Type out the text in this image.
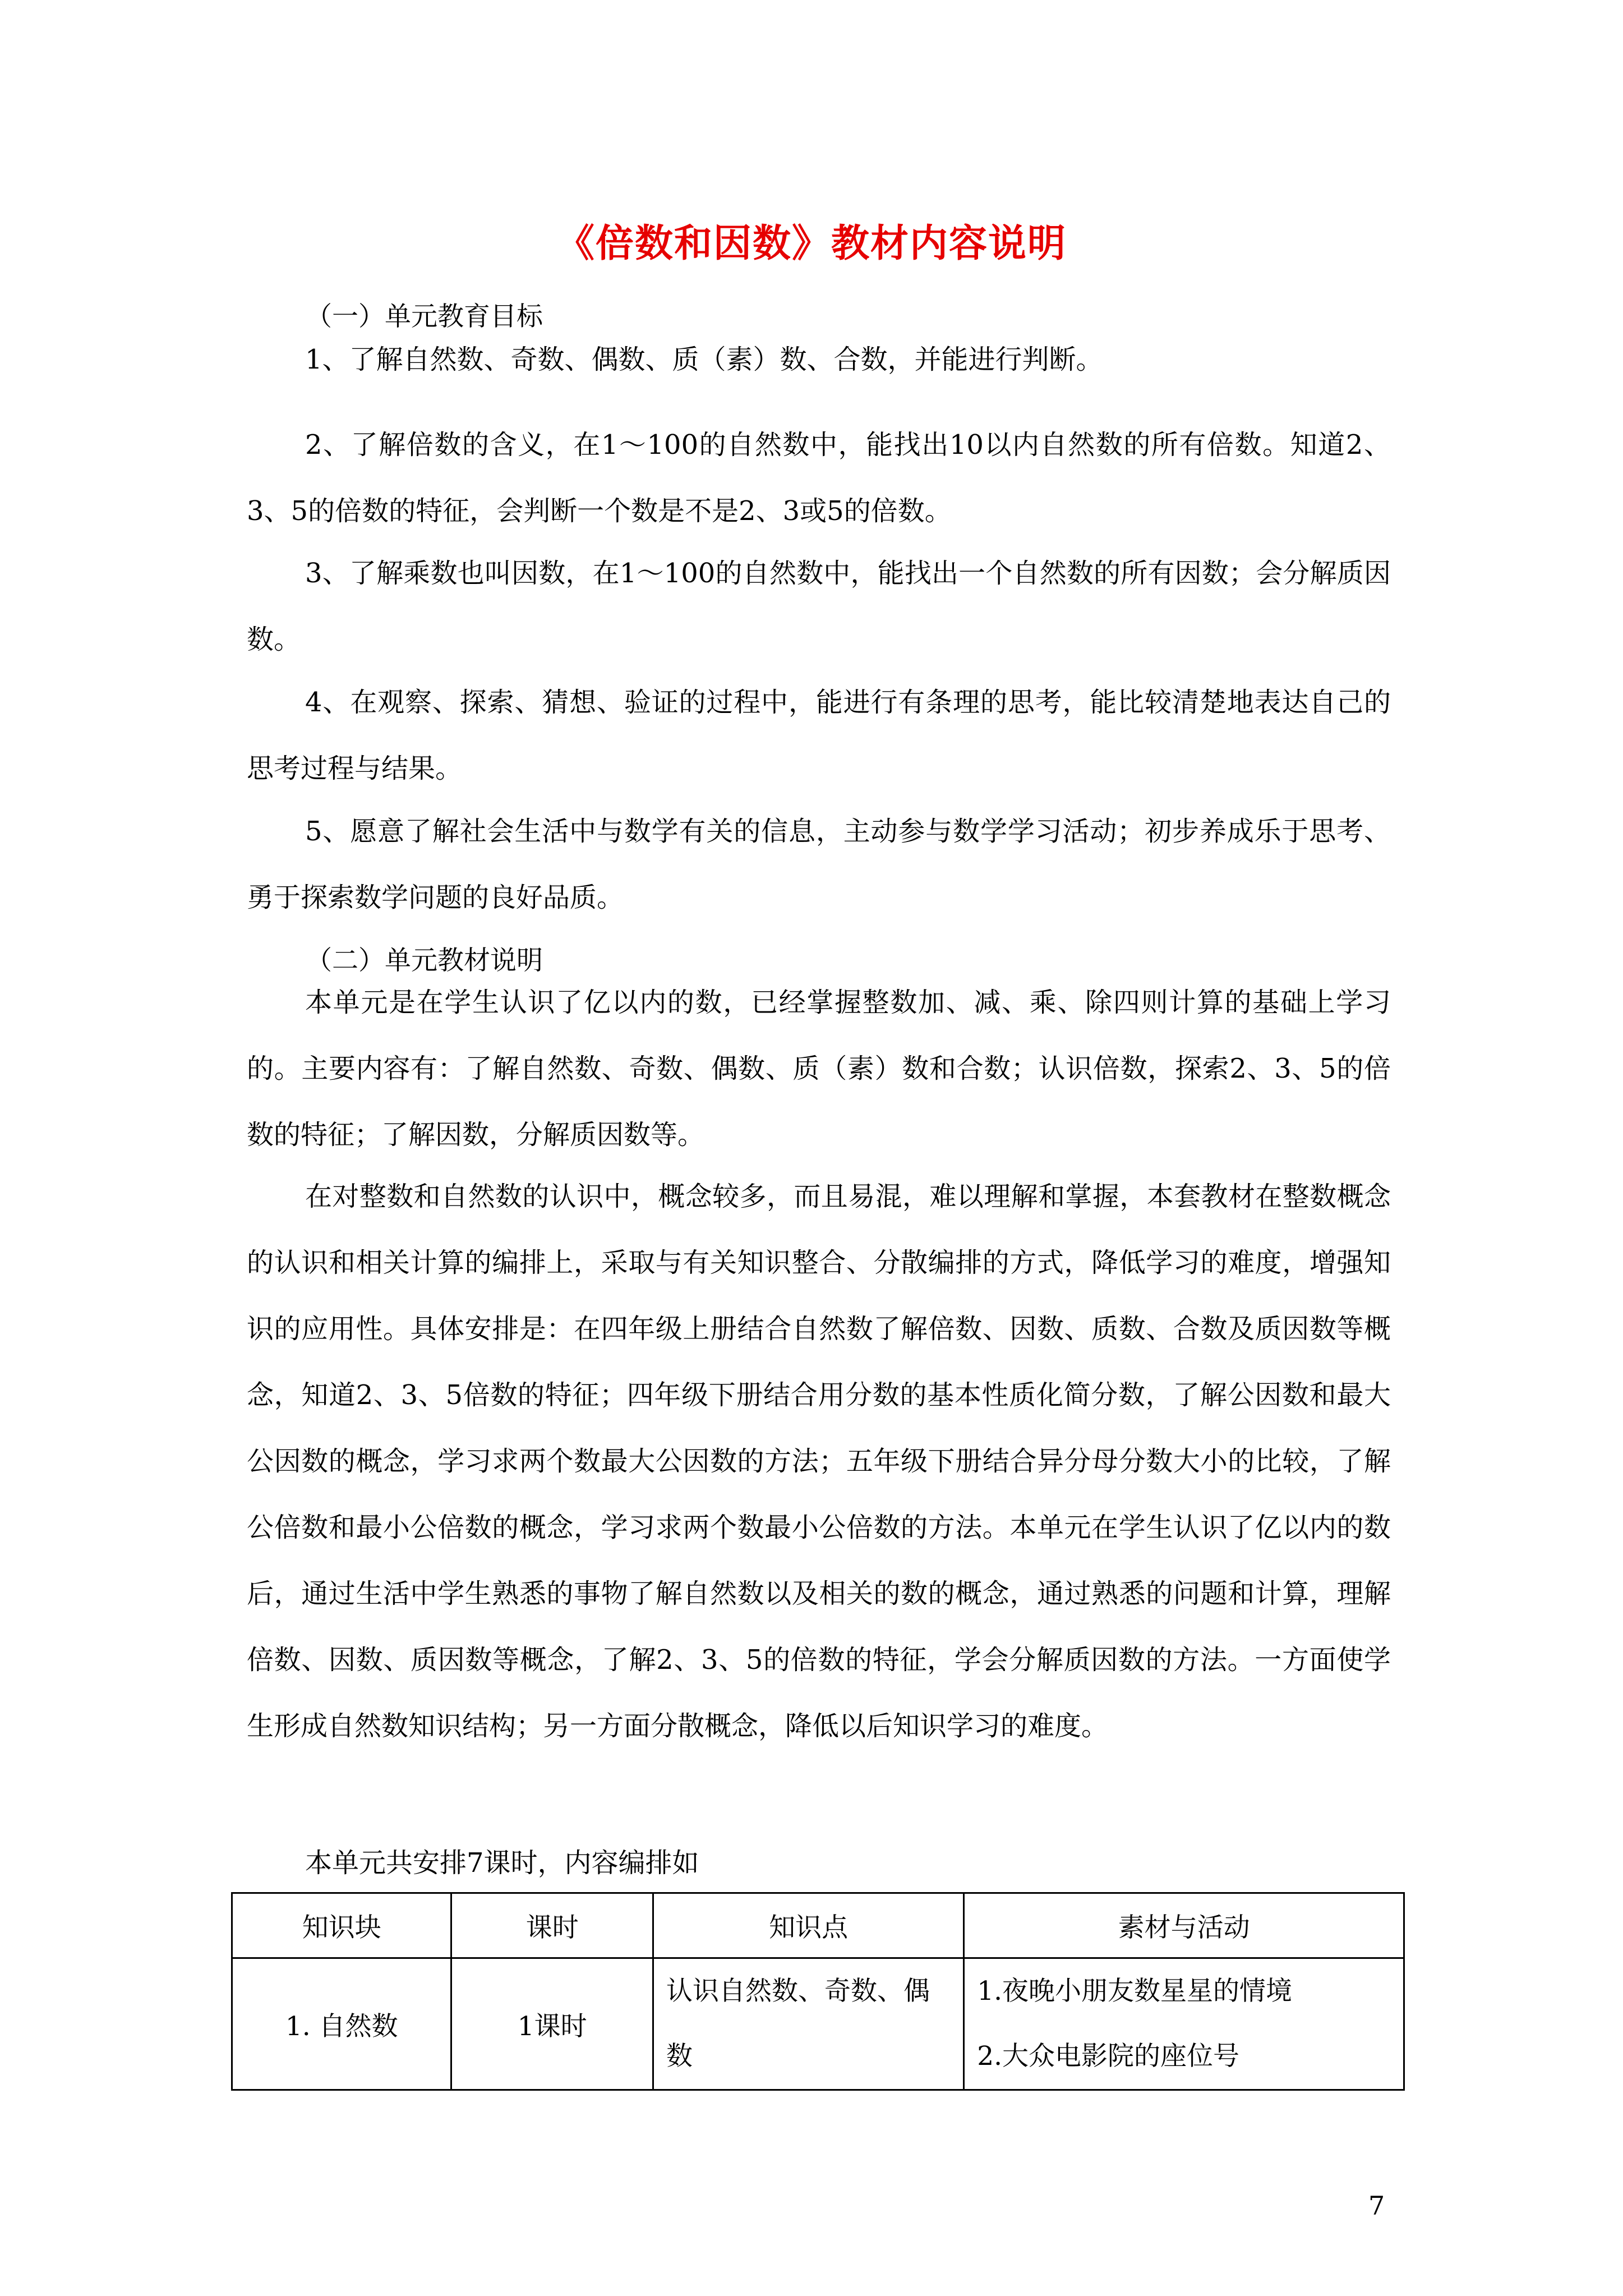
《倍数和因数》教材内容说明
（一）单元教育目标

1、了解自然数、奇数、偶数、质（素）数、合数，并能进行判断。

2、了解倍数的含义，在1～100的自然数中，能找出10以内自然数的所有倍数。知道2、3、5的倍数的特征，会判断一个数是不是2、3或5的倍数。

3、了解乘数也叫因数，在1～100的自然数中，能找出一个自然数的所有因数；会分解质因数。

4、在观察、探索、猜想、验证的过程中，能进行有条理的思考，能比较清楚地表达自己的思考过程与结果。

5、愿意了解社会生活中与数学有关的信息，主动参与数学学习活动；初步养成乐于思考、勇于探索数学问题的良好品质。

（二）单元教材说明

本单元是在学生认识了亿以内的数，已经掌握整数加、减、乘、除四则计算的基础上学习的。主要内容有：了解自然数、奇数、偶数、质（素）数和合数；认识倍数，探索2、3、5的倍数的特征；了解因数，分解质因数等。

在对整数和自然数的认识中，概念较多，而且易混，难以理解和掌握，本套教材在整数概念的认识和相关计算的编排上，采取与有关知识整合、分散编排的方式，降低学习的难度，增强知识的应用性。具体安排是：在四年级上册结合自然数了解倍数、因数、质数、合数及质因数等概念，知道2、3、5倍数的特征；四年级下册结合用分数的基本性质化简分数，了解公因数和最大公因数的概念，学习求两个数最大公因数的方法；五年级下册结合异分母分数大小的比较，了解公倍数和最小公倍数的概念，学习求两个数最小公倍数的方法。本单元在学生认识了亿以内的数后，通过生活中学生熟悉的事物了解自然数以及相关的数的概念，通过熟悉的问题和计算，理解倍数、因数、质因数等概念，了解2、3、5的倍数的特征，学会分解质因数的方法。一方面使学生形成自然数知识结构；另一方面分散概念，降低以后知识学习的难度。

本单元共安排7课时，内容编排如

知识块	课时	知识点	素材与活动
1. 自然数	1课时	认识自然数、奇数、偶数	1.夜晚小朋友数星星的情境
2.大众电影院的座位号
7
